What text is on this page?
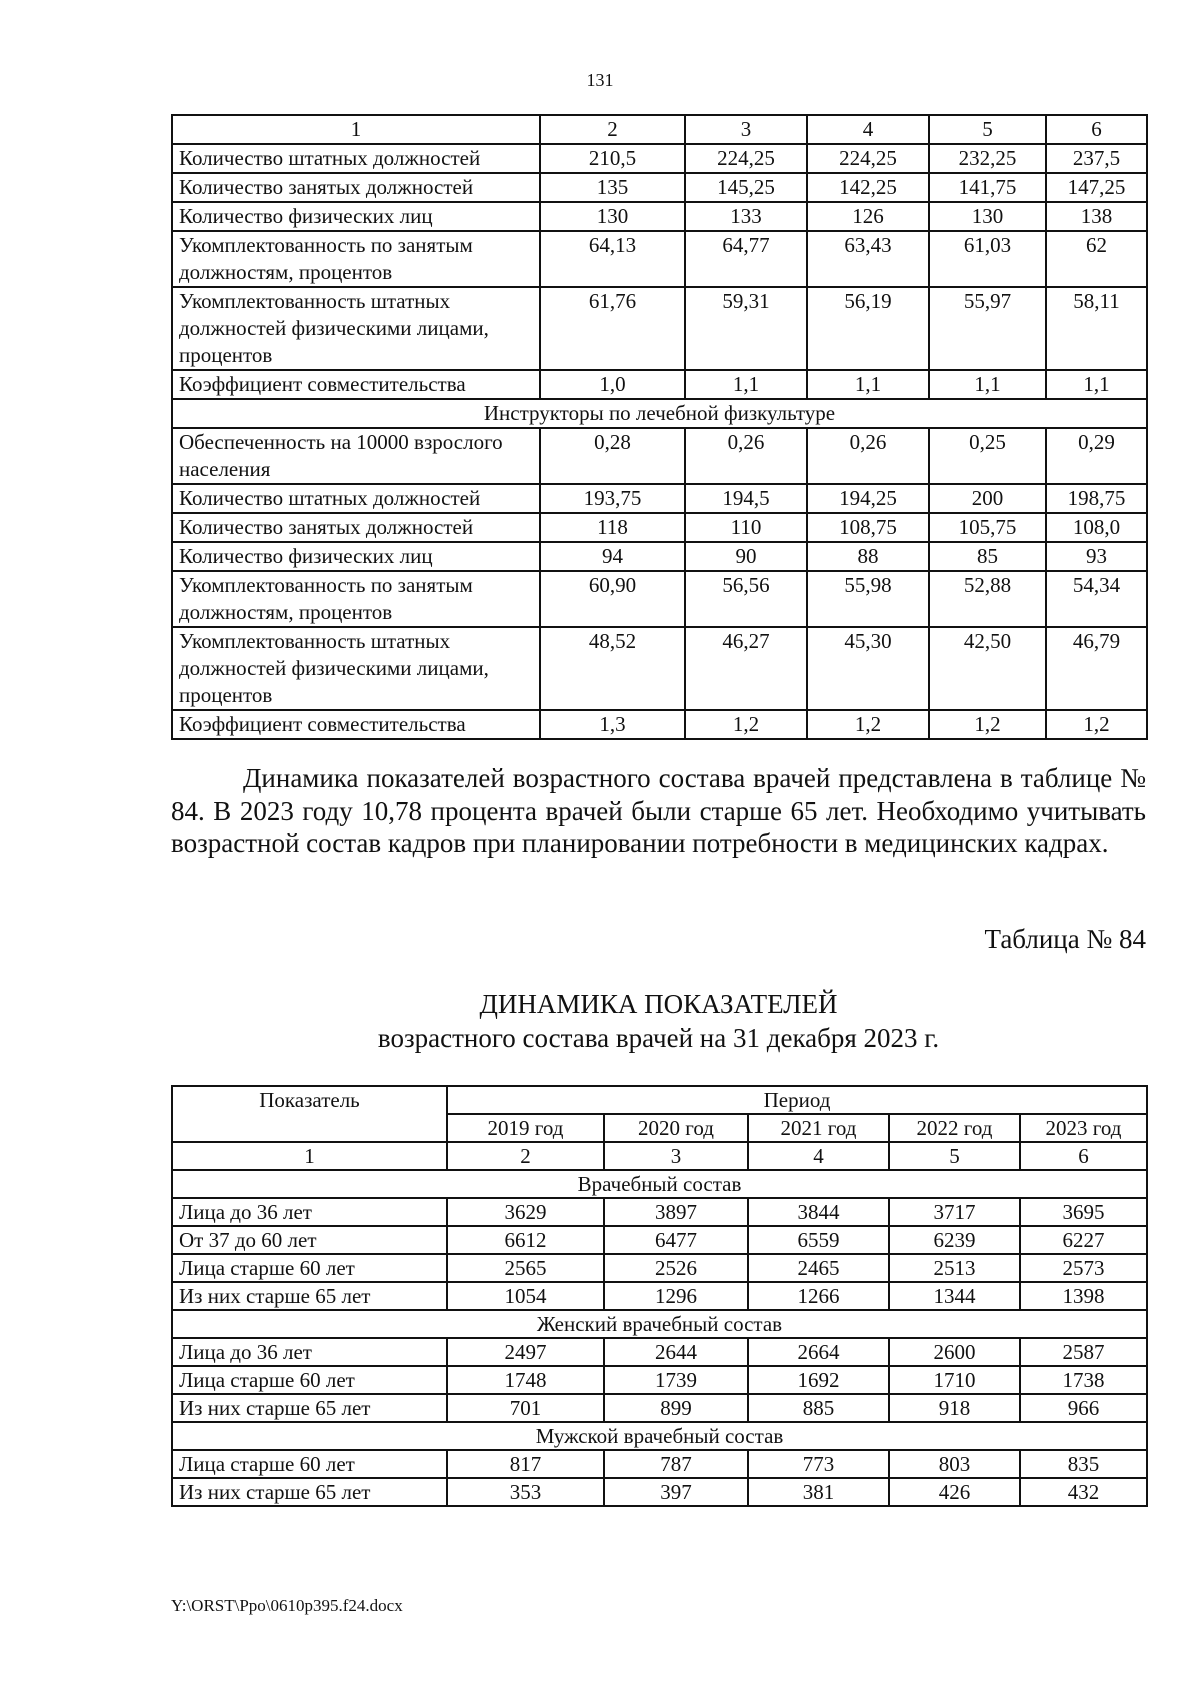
131
1	2	3	4	5	6
Количество штатных должностей	210,5	224,25	224,25	232,25	237,5
Количество занятых должностей	135	145,25	142,25	141,75	147,25
Количество физических лиц	130	133	126	130	138
Укомплектованность по занятым должностям, процентов	64,13	64,77	63,43	61,03	62
Укомплектованность штатных должностей физическими лицами, процентов	61,76	59,31	56,19	55,97	58,11
Коэффициент совместительства	1,0	1,1	1,1	1,1	1,1
Инструкторы по лечебной физкультуре					
Обеспеченность на 10000 взрослого населения	0,28	0,26	0,26	0,25	0,29
Количество штатных должностей	193,75	194,5	194,25	200	198,75
Количество занятых должностей	118	110	108,75	105,75	108,0
Количество физических лиц	94	90	88	85	93
Укомплектованность по занятым должностям, процентов	60,90	56,56	55,98	52,88	54,34
Укомплектованность штатных должностей физическими лицами, процентов	48,52	46,27	45,30	42,50	46,79
Коэффициент совместительства	1,3	1,2	1,2	1,2	1,2

Динамика показателей возрастного состава врачей представлена в таблице № 84. В 2023 году 10,78 процента врачей были старше 65 лет. Необходимо учитывать возрастной состав кадров при планировании потребности в медицинских кадрах.

Таблица № 84
ДИНАМИКА ПОКАЗАТЕЛЕЙ
возрастного состава врачей на 31 декабря 2023 г.
Показатель	Период				
	2019 год	2020 год	2021 год	2022 год	2023 год
1	2	3	4	5	6
Врачебный состав					
Лица до 36 лет	3629	3897	3844	3717	3695
От 37 до 60 лет	6612	6477	6559	6239	6227
Лица старше 60 лет	2565	2526	2465	2513	2573
Из них старше 65 лет	1054	1296	1266	1344	1398
Женский врачебный состав					
Лица до 36 лет	2497	2644	2664	2600	2587
Лица старше 60 лет	1748	1739	1692	1710	1738
Из них старше 65 лет	701	899	885	918	966
Мужской врачебный состав					
Лица старше 60 лет	817	787	773	803	835
Из них старше 65 лет	353	397	381	426	432
Y:\ORST\Ppo\0610p395.f24.docx
